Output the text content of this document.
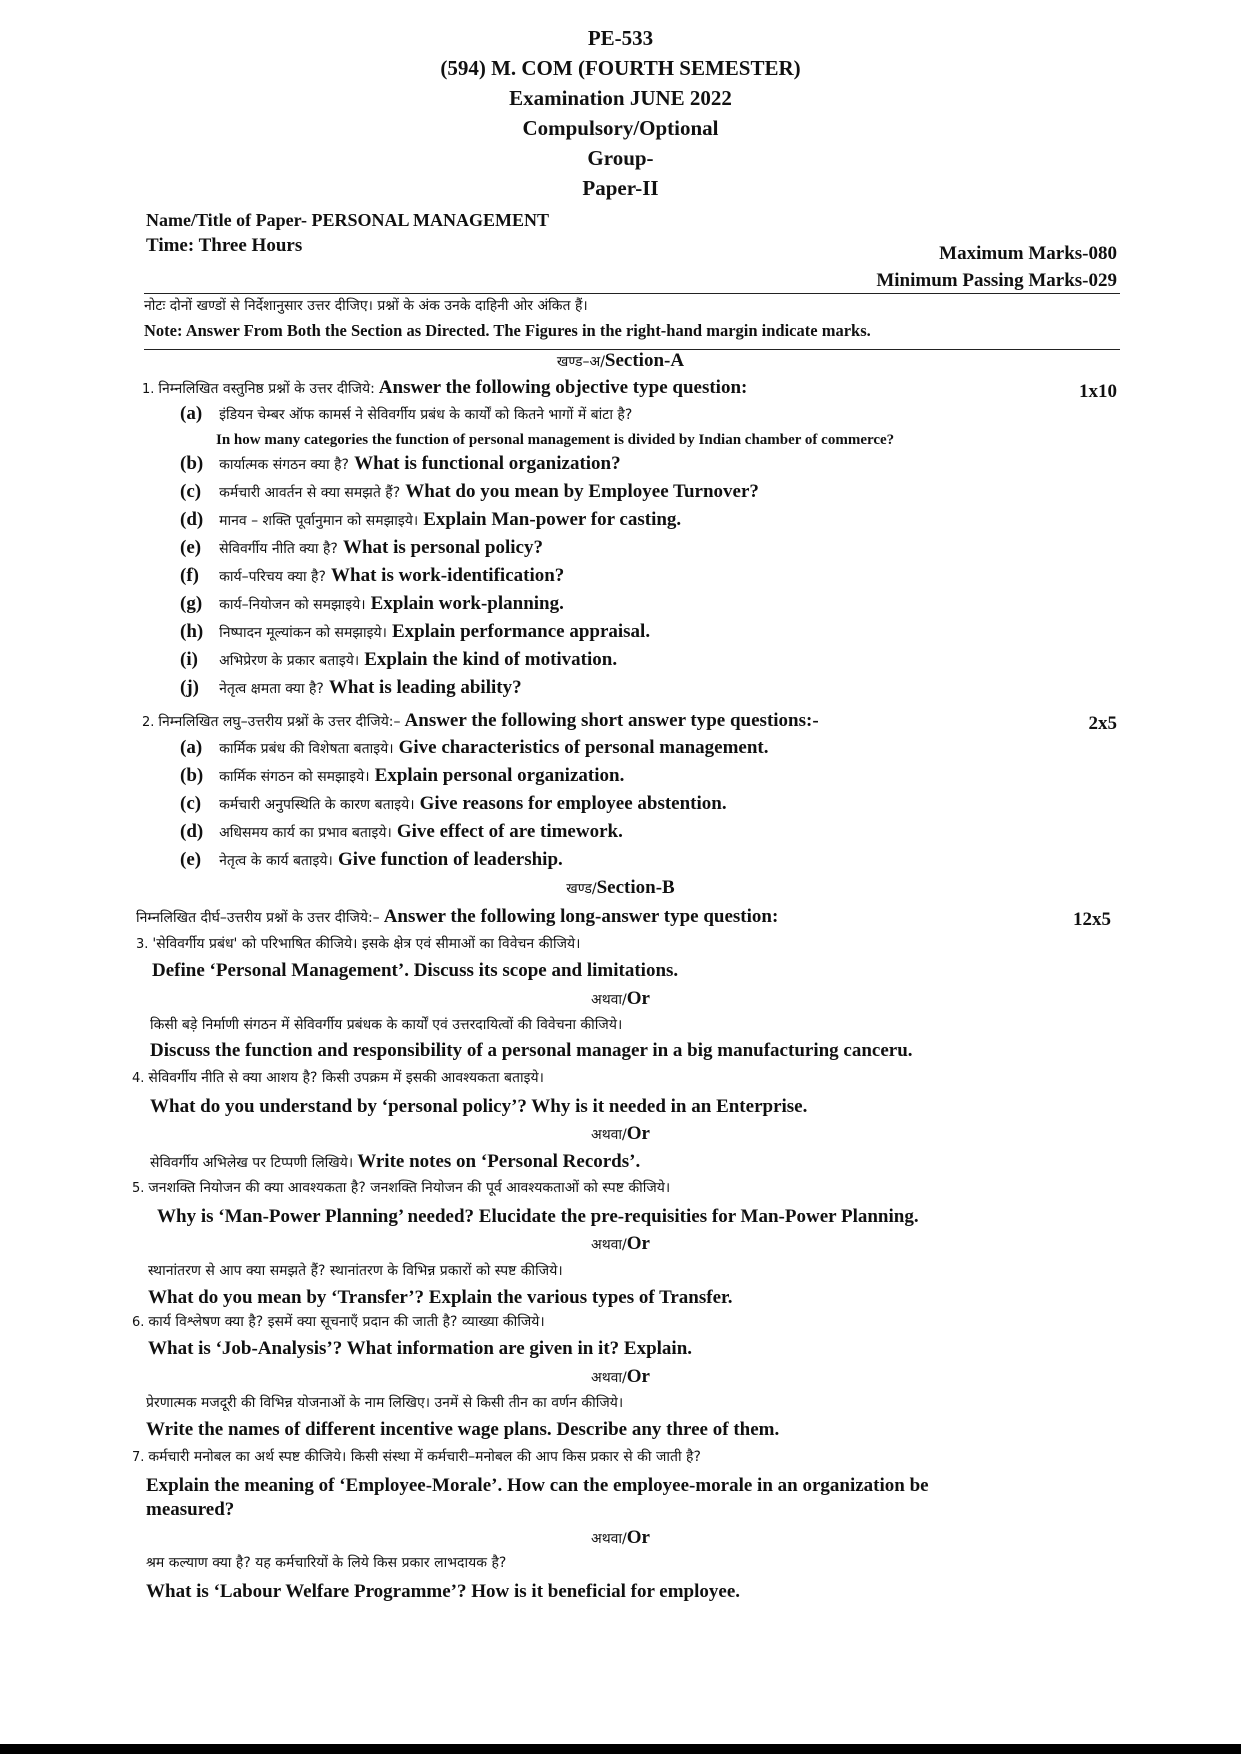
PE-533
(594) M. COM (FOURTH SEMESTER)
Examination JUNE 2022
Compulsory/Optional
Group-
Paper-II
Name/Title of Paper- PERSONAL MANAGEMENT
Time: Three Hours	Maximum Marks-080
Minimum Passing Marks-029
नोटः दोनों खण्डों से निर्देशानुसार उत्तर दीजिए। प्रश्नों के अंक उनके दाहिनी ओर अंकित हैं।
Note: Answer From Both the Section as Directed. The Figures in the right-hand margin indicate marks.
खण्ड–अ/Section-A
1. निम्नलिखित वस्तुनिष्ठ प्रश्नों के उत्तर दीजिये: Answer the following objective type question:	1x10
(a) इंडियन चेम्बर ऑफ कामर्स ने सेविवर्गीय प्रबंध के कार्यों को कितने भागों में बांटा है?
In how many categories the function of personal management is divided by Indian chamber of commerce?
(b) कार्यात्मक संगठन क्या है? What is functional organization?
(c) कर्मचारी आवर्तन से क्या समझते हैं? What do you mean by Employee Turnover?
(d) मानव – शक्ति पूर्वानुमान को समझाइये। Explain Man-power for casting.
(e) सेविवर्गीय नीति क्या है? What is personal policy?
(f) कार्य–परिचय क्या है? What is work-identification?
(g) कार्य–नियोजन को समझाइये। Explain work-planning.
(h) निष्पादन मूल्यांकन को समझाइये। Explain performance appraisal.
(i) अभिप्रेरण के प्रकार बताइये। Explain the kind of motivation.
(j) नेतृत्व क्षमता क्या है? What is leading ability?
2. निम्नलिखित लघु–उत्तरीय प्रश्नों के उत्तर दीजिये:– Answer the following short answer type questions:-	2x5
(a) कार्मिक प्रबंध की विशेषता बताइये। Give characteristics of personal management.
(b) कार्मिक संगठन को समझाइये। Explain personal organization.
(c) कर्मचारी अनुपस्थिति के कारण बताइये। Give reasons for employee abstention.
(d) अधिसमय कार्य का प्रभाव बताइये। Give effect of are timework.
(e) नेतृत्व के कार्य बताइये। Give function of leadership.
खण्ड/Section-B
निम्नलिखित दीर्घ–उत्तरीय प्रश्नों के उत्तर दीजिये:– Answer the following long-answer type question:	12x5
3. 'सेविवर्गीय प्रबंध' को परिभाषित कीजिये। इसके क्षेत्र एवं सीमाओं का विवेचन कीजिये।
Define ‘Personal Management’. Discuss its scope and limitations.
अथवा/Or
किसी बड़े निर्माणी संगठन में सेविवर्गीय प्रबंधक के कार्यों एवं उत्तरदायित्वों की विवेचना कीजिये।
Discuss the function and responsibility of a personal manager in a big manufacturing canceru.
4. सेविवर्गीय नीति से क्या आशय है? किसी उपक्रम में इसकी आवश्यकता बताइये।
What do you understand by ‘personal policy’? Why is it needed in an Enterprise.
अथवा/Or
सेविवर्गीय अभिलेख पर टिप्पणी लिखिये। Write notes on ‘Personal Records’.
5. जनशक्ति नियोजन की क्या आवश्यकता है? जनशक्ति नियोजन की पूर्व आवश्यकताओं को स्पष्ट कीजिये।
Why is ‘Man-Power Planning’ needed? Elucidate the pre-requisities for Man-Power Planning.
अथवा/Or
स्थानांतरण से आप क्या समझते हैं? स्थानांतरण के विभिन्न प्रकारों को स्पष्ट कीजिये।
What do you mean by ‘Transfer’? Explain the various types of Transfer.
6. कार्य विश्लेषण क्या है? इसमें क्या सूचनाएँ प्रदान की जाती है? व्याख्या कीजिये।
What is ‘Job-Analysis’? What information are given in it? Explain.
अथवा/Or
प्रेरणात्मक मजदूरी की विभिन्न योजनाओं के नाम लिखिए। उनमें से किसी तीन का वर्णन कीजिये।
Write the names of different incentive wage plans. Describe any three of them.
7. कर्मचारी मनोबल का अर्थ स्पष्ट कीजिये। किसी संस्था में कर्मचारी–मनोबल की आप किस प्रकार से की जाती है?
Explain the meaning of ‘Employee-Morale’. How can the employee-morale in an organization be
measured?
अथवा/Or
श्रम कल्याण क्या है? यह कर्मचारियों के लिये किस प्रकार लाभदायक है?
What is ‘Labour Welfare Programme’? How is it beneficial for employee.
